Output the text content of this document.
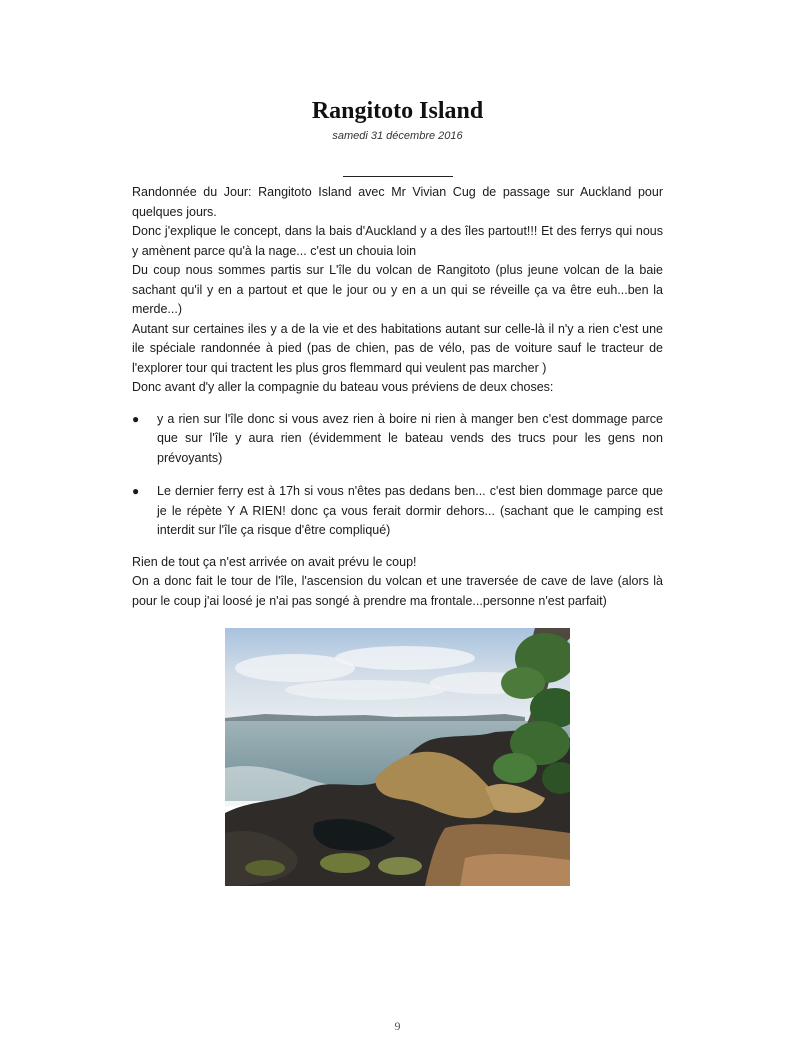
Rangitoto Island
samedi 31 décembre 2016

Randonnée du Jour: Rangitoto Island avec Mr Vivian Cug de passage sur Auckland pour quelques jours.

Donc j'explique le concept, dans la bais d'Auckland y a des îles partout!!! Et des ferrys qui nous y amènent parce qu'à la nage... c'est un chouia loin

Du coup nous sommes partis sur L'île du volcan de Rangitoto (plus jeune volcan de la baie sachant qu'il y en a partout et que le jour ou y en a un qui se réveille ça va être euh...ben la merde...)

Autant sur certaines iles y a de la vie et des habitations autant sur celle-là il n'y a rien c'est une ile spéciale randonnée à pied (pas de chien, pas de vélo, pas de voiture sauf le tracteur de l'explorer tour qui tractent les plus gros flemmard qui veulent pas marcher )

Donc avant d'y aller la compagnie du bateau vous préviens de deux choses:

● y a rien sur l'île donc si vous avez rien à boire ni rien à manger ben c'est dommage parce que sur l'île y aura rien (évidemment le bateau vends des trucs pour les gens non prévoyants)
● Le dernier ferry est à 17h si vous n'êtes pas dedans ben... c'est bien dommage parce que je le répète Y A RIEN! donc ça vous ferait dormir dehors... (sachant que le camping est interdit sur l'île ça risque d'être compliqué)

Rien de tout ça n'est arrivée on avait prévu le coup!

On a donc fait le tour de l'île, l'ascension du volcan et une traversée de cave de lave (alors là pour le coup j'ai loosé je n'ai pas songé à prendre ma frontale...personne n'est parfait)

9
